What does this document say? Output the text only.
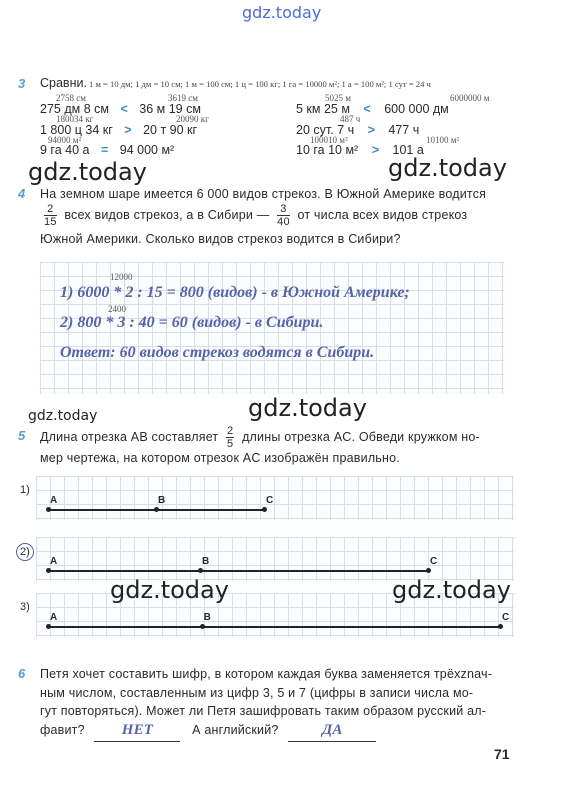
gdz.today
3 Сравни. 1 м = 10 дм; 1 дм = 10 см; 1 м = 100 см; 1 ц = 100 кг; 1 га = 10000 м²; 1 а = 100 м²; 1 сут = 24 ч
2758 см	3619 см
275 дм 8 см < 36 м 19 см
180034 кг	20090 кг
1 800 ц 34 кг > 20 т 90 кг
94000 м²
9 га 40 а = 94 000 м²
5025 м	6000000 м
5 км 25 м < 600 000 дм
487 ч
20 сут. 7 ч > 477 ч
100010 м²	10100 м²
10 га 10 м² > 101 а
gdz.today	gdz.today
4 На земном шаре имеется 6 000 видов стрекоз. В Южной Америке водится
$\frac{2}{15}$ всех видов стрекоз, а в Сибири — $\frac{3}{40}$ от числа всех видов стрекоз
Южной Америки. Сколько видов стрекоз водится в Сибири?
12000
2400
1) 6000 * 2 : 15 = 800 (видов) - в Южной Америке;
2) 800 * 3 : 40 = 60 (видов) - в Сибири.
Ответ: 60 видов стрекоз водятся в Сибири.
gdz.today	gdz.today
5 Длина отрезка AB составляет $\frac{2}{5}$ длины отрезка AC. Обведи кружком но-
мер чертежа, на котором отрезок AC изображён правильно.
1)
A	B	C
2)
A	B	C
3)
A	B	C
gdz.today	gdz.today
6 Петя хочет составить шифр, в котором каждая буква заменяется трёхznач-
ным числом, составленным из цифр 3, 5 и 7 (цифры в записи числа мо-
гут повторяться). Может ли Петя зашифровать таким образом русский ал-
фавит? НЕТ	А английский?	ДА
71
